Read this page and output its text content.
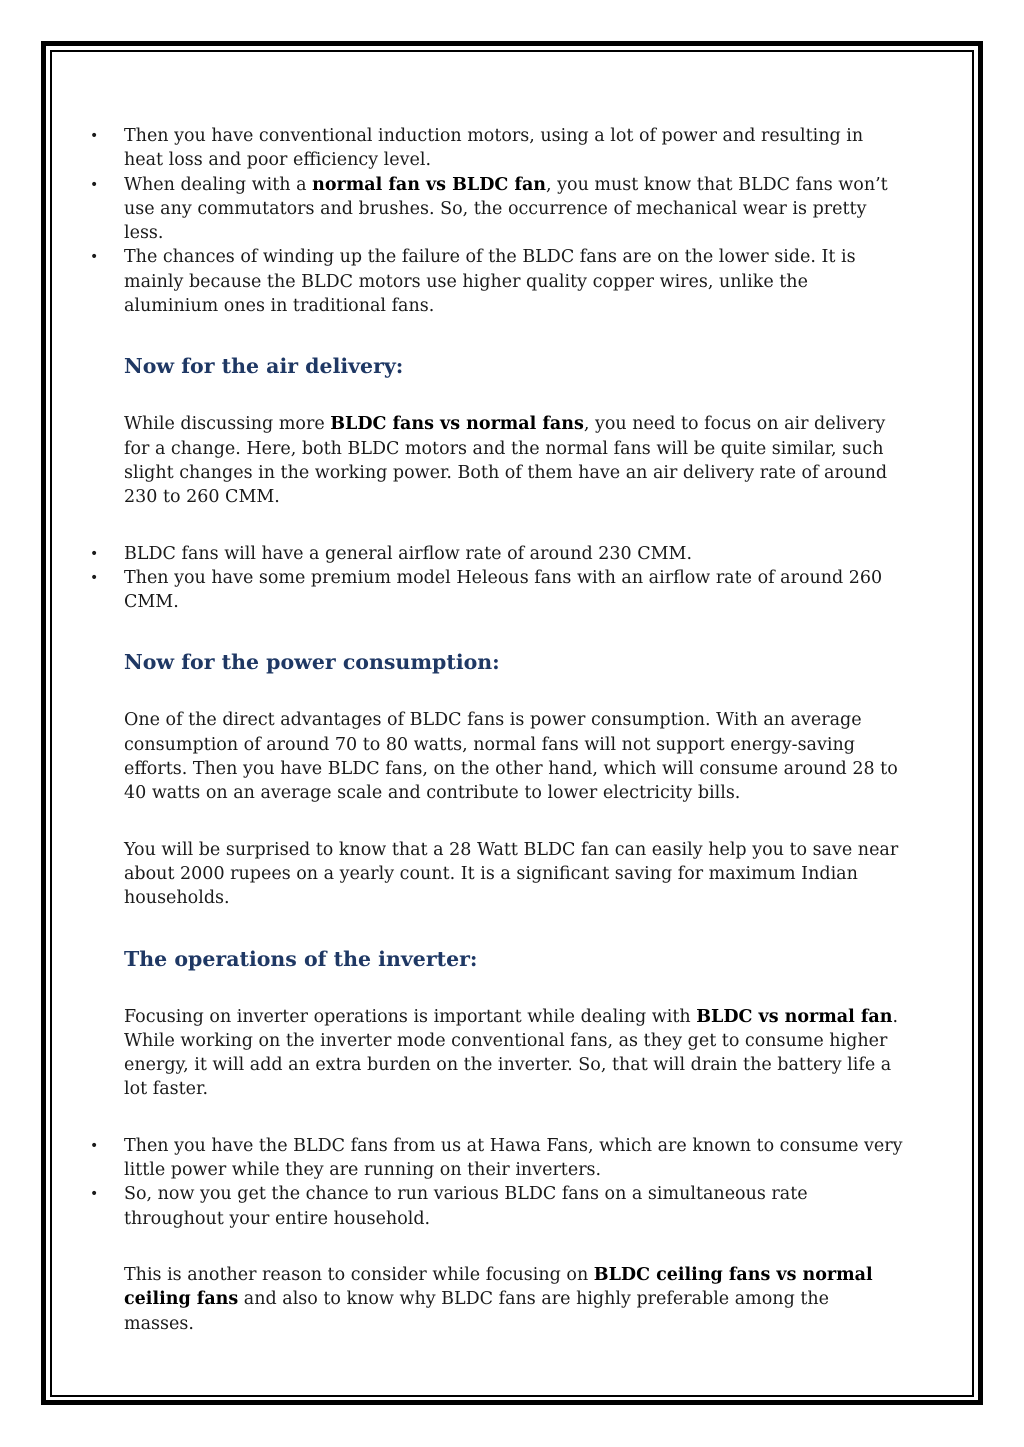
• Then you have conventional induction motors, using a lot of power and resulting in heat loss and poor efficiency level.
• When dealing with a normal fan vs BLDC fan, you must know that BLDC fans won’t use any commutators and brushes. So, the occurrence of mechanical wear is pretty less.
• The chances of winding up the failure of the BLDC fans are on the lower side. It is mainly because the BLDC motors use higher quality copper wires, unlike the aluminium ones in traditional fans.
Now for the air delivery:

While discussing more BLDC fans vs normal fans, you need to focus on air delivery for a change. Here, both BLDC motors and the normal fans will be quite similar, such slight changes in the working power. Both of them have an air delivery rate of around 230 to 260 CMM.

• BLDC fans will have a general airflow rate of around 230 CMM.
• Then you have some premium model Heleous fans with an airflow rate of around 260 CMM.
Now for the power consumption:

One of the direct advantages of BLDC fans is power consumption. With an average consumption of around 70 to 80 watts, normal fans will not support energy-saving efforts. Then you have BLDC fans, on the other hand, which will consume around 28 to 40 watts on an average scale and contribute to lower electricity bills.

You will be surprised to know that a 28 Watt BLDC fan can easily help you to save near about 2000 rupees on a yearly count. It is a significant saving for maximum Indian households.

The operations of the inverter:

Focusing on inverter operations is important while dealing with BLDC vs normal fan. While working on the inverter mode conventional fans, as they get to consume higher energy, it will add an extra burden on the inverter. So, that will drain the battery life a lot faster.

• Then you have the BLDC fans from us at Hawa Fans, which are known to consume very little power while they are running on their inverters.
• So, now you get the chance to run various BLDC fans on a simultaneous rate throughout your entire household.

This is another reason to consider while focusing on BLDC ceiling fans vs normal ceiling fans and also to know why BLDC fans are highly preferable among the masses.
